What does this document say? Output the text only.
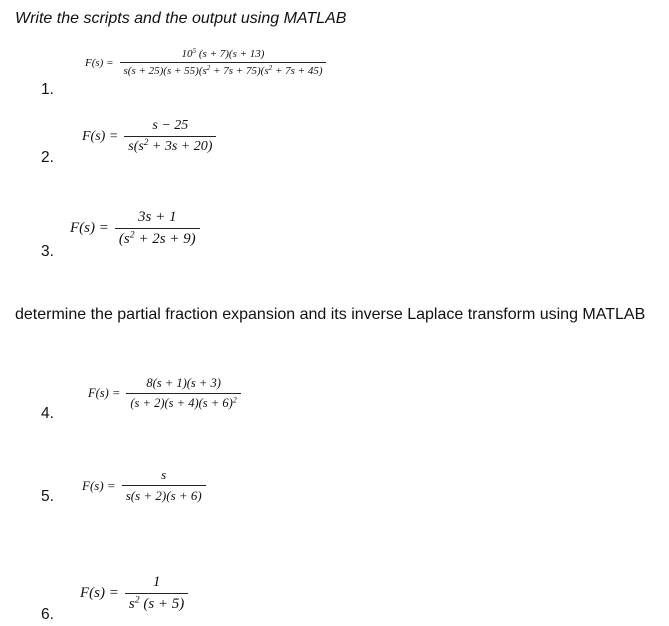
Write the scripts and the output using MATLAB
determine the partial fraction expansion and its inverse Laplace transform using MATLAB
1.
$F(s) = \frac{10^5 (s + 7)(s + 13)}{s(s + 25)(s + 55)(s^2 + 7s + 75)(s^2 + 7s + 45)}$
2.
$F(s) = \frac{s - 25}{s(s^2 + 3s + 20)}$
3.
$F(s) = \frac{3s + 1}{(s^2 + 2s + 9)}$
4.
$F(s) = \frac{8(s + 1)(s + 3)}{(s + 2)(s + 4)(s + 6)^2}$
5.
$F(s) = \frac{s}{s(s + 2)(s + 6)}$
6.
$F(s) = \frac{1}{s^2 (s + 5)}$
